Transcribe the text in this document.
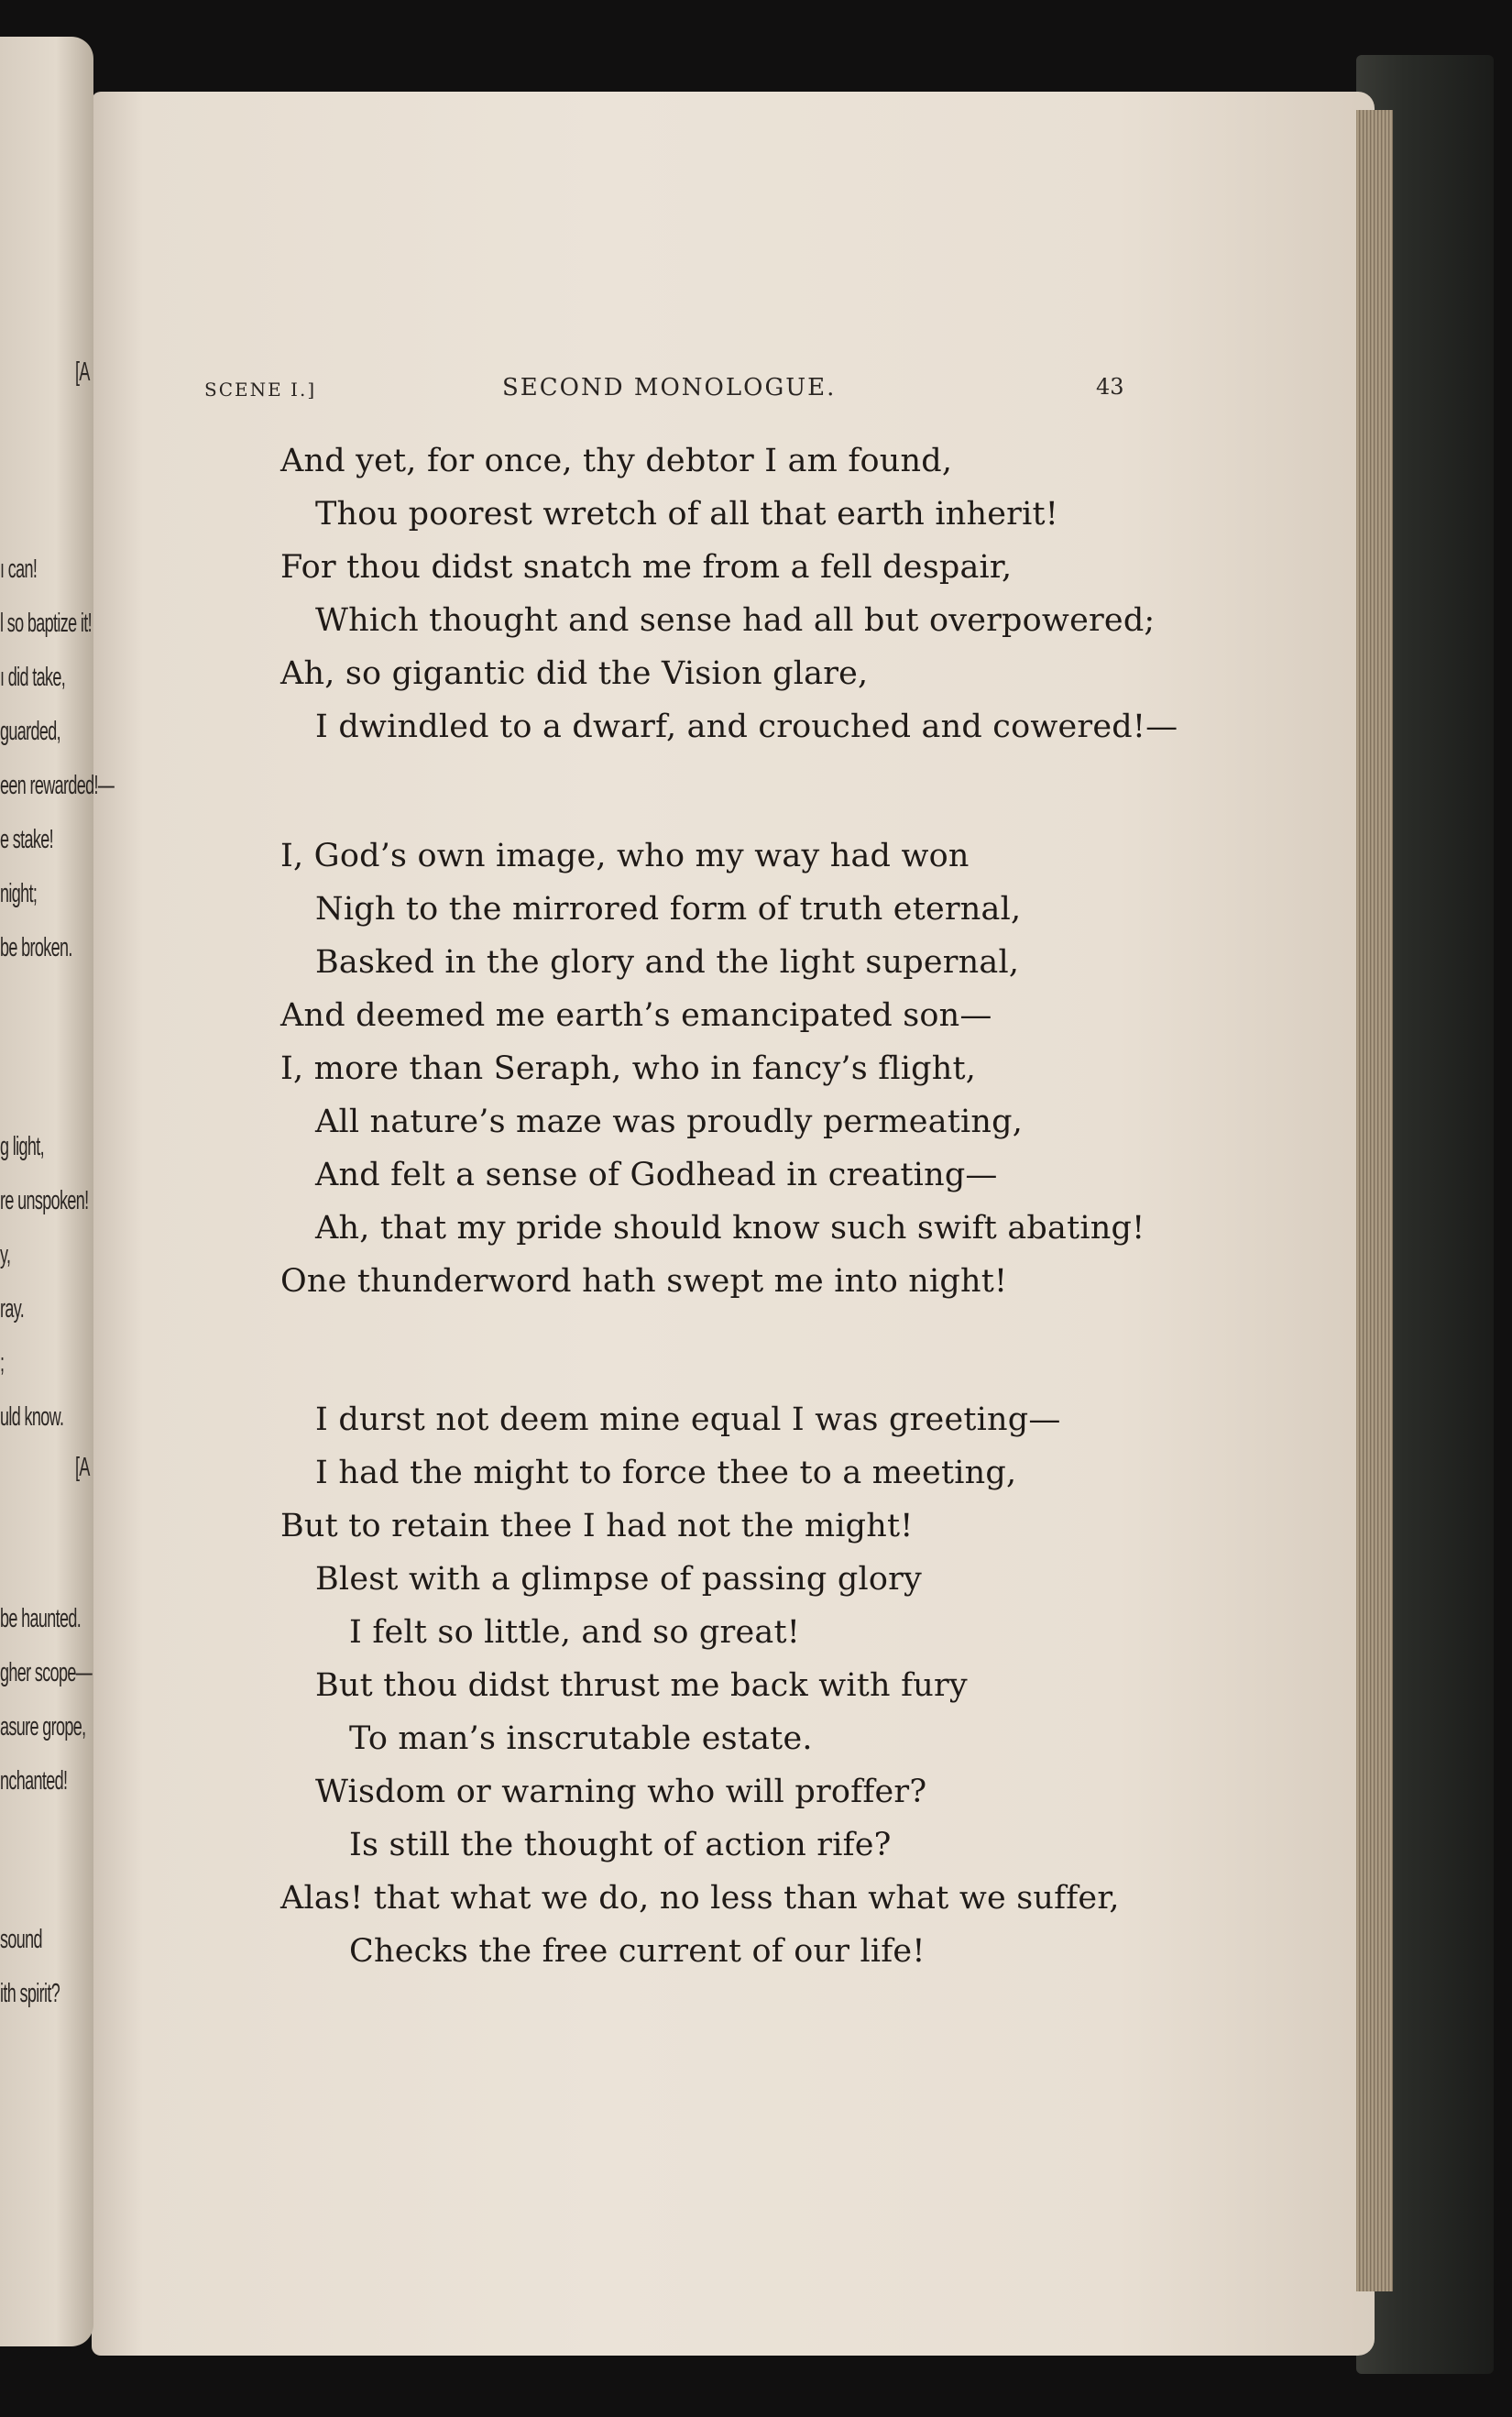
[A
ı can!
l so baptize it!
ı did take,
guarded,
een rewarded!—
e stake!
night;
be broken.
g light,
re unspoken!
y,
ray.
;
uld know.
[A
be haunted.
gher scope—
asure grope,
nchanted!
sound
ith spirit?
SCENE I.]	SECOND MONOLOGUE.	43
And yet, for once, thy debtor I am found,
Thou poorest wretch of all that earth inherit!
For thou didst snatch me from a fell despair,
Which thought and sense had all but overpowered;
Ah, so gigantic did the Vision glare,
I dwindled to a dwarf, and crouched and cowered!—
I, God’s own image, who my way had won
Nigh to the mirrored form of truth eternal,
Basked in the glory and the light supernal,
And deemed me earth’s emancipated son—
I, more than Seraph, who in fancy’s flight,
All nature’s maze was proudly permeating,
And felt a sense of Godhead in creating—
Ah, that my pride should know such swift abating!
One thunderword hath swept me into night!
I durst not deem mine equal I was greeting—
I had the might to force thee to a meeting,
But to retain thee I had not the might!
Blest with a glimpse of passing glory
I felt so little, and so great!
But thou didst thrust me back with fury
To man’s inscrutable estate.
Wisdom or warning who will proffer?
Is still the thought of action rife?
Alas! that what we do, no less than what we suffer,
Checks the free current of our life!
